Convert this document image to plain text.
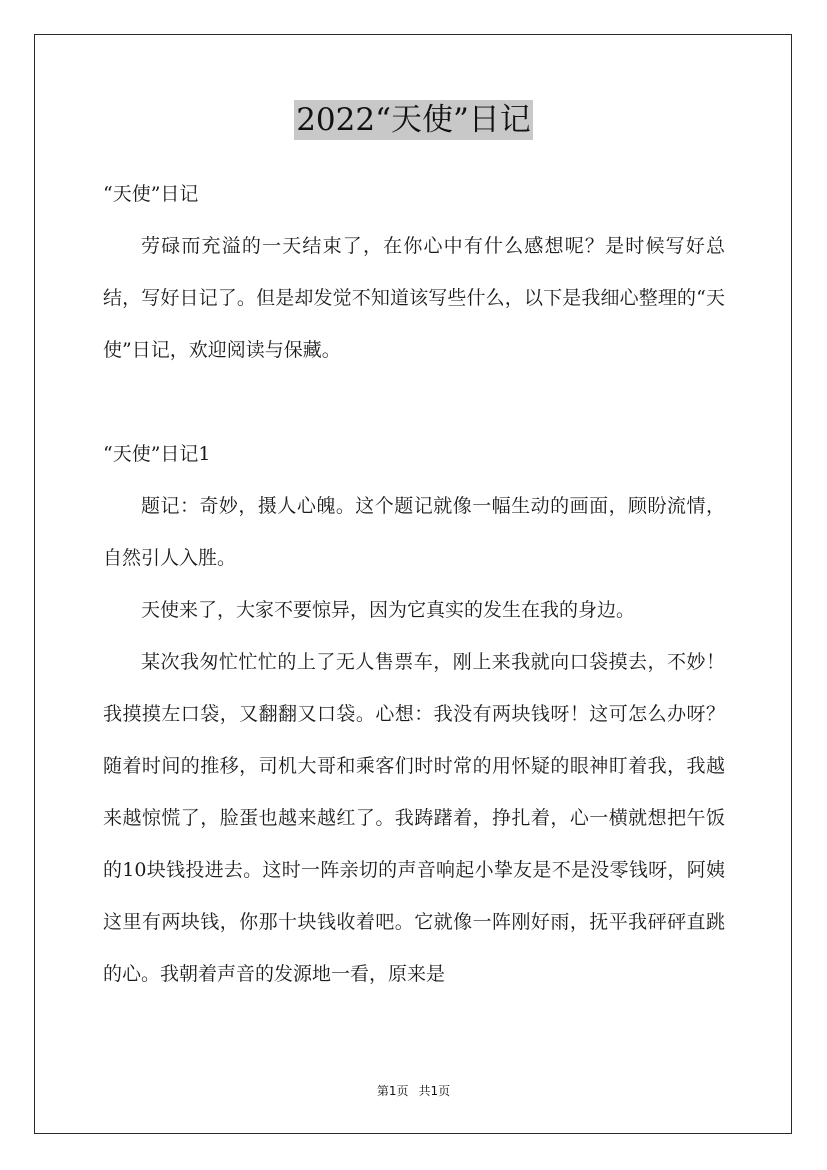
2022“天使”日记

“天使”日记

劳碌而充溢的一天结束了，在你心中有什么感想呢？是时候写好总结，写好日记了。但是却发觉不知道该写些什么，以下是我细心整理的“天使”日记，欢迎阅读与保藏。

“天使”日记1

题记：奇妙，摄人心魄。这个题记就像一幅生动的画面，顾盼流情，自然引人入胜。

天使来了，大家不要惊异，因为它真实的发生在我的身边。

某次我匆忙忙忙的上了无人售票车，刚上来我就向口袋摸去，不妙！我摸摸左口袋，又翻翻又口袋。心想：我没有两块钱呀！这可怎么办呀？随着时间的推移，司机大哥和乘客们时时常的用怀疑的眼神盯着我，我越来越惊慌了，脸蛋也越来越红了。我踌躇着，挣扎着，心一横就想把午饭的10块钱投进去。这时一阵亲切的声音响起小挚友是不是没零钱呀，阿姨这里有两块钱，你那十块钱收着吧。它就像一阵刚好雨，抚平我砰砰直跳的心。我朝着声音的发源地一看，原来是

第1页 共1页
